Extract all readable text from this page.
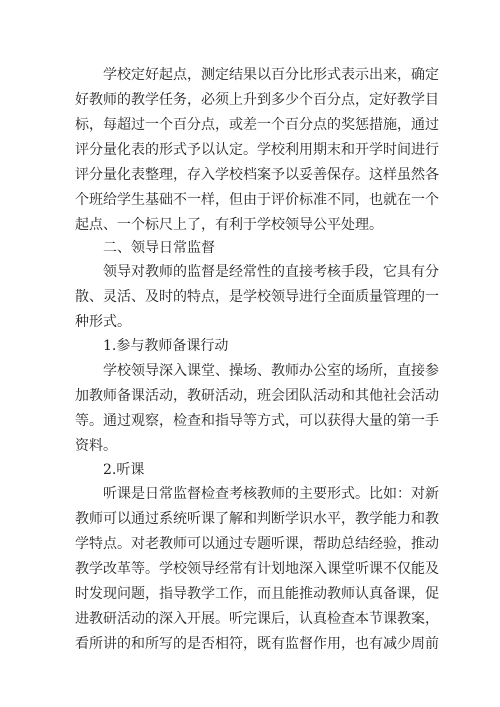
学校定好起点，测定结果以百分比形式表示出来，确定
好教师的教学任务，必须上升到多少个百分点，定好教学目
标，每超过一个百分点，或差一个百分点的奖惩措施，通过
评分量化表的形式予以认定。学校利用期末和开学时间进行
评分量化表整理，存入学校档案予以妥善保存。这样虽然各
个班给学生基础不一样，但由于评价标准不同，也就在一个
起点、一个标尺上了，有利于学校领导公平处理。
二、领导日常监督
领导对教师的监督是经常性的直接考核手段，它具有分
散、灵活、及时的特点，是学校领导进行全面质量管理的一
种形式。
1.参与教师备课行动
学校领导深入课堂、操场、教师办公室的场所，直接参
加教师备课活动，教研活动，班会团队活动和其他社会活动
等。通过观察，检查和指导等方式，可以获得大量的第一手
资料。
2.听课
听课是日常监督检查考核教师的主要形式。比如：对新
教师可以通过系统听课了解和判断学识水平，教学能力和教
学特点。对老教师可以通过专题听课，帮助总结经验，推动
教学改革等。学校领导经常有计划地深入课堂听课不仅能及
时发现问题，指导教学工作，而且能推动教师认真备课，促
进教研活动的深入开展。听完课后，认真检查本节课教案，
看所讲的和所写的是否相符，既有监督作用，也有减少周前
